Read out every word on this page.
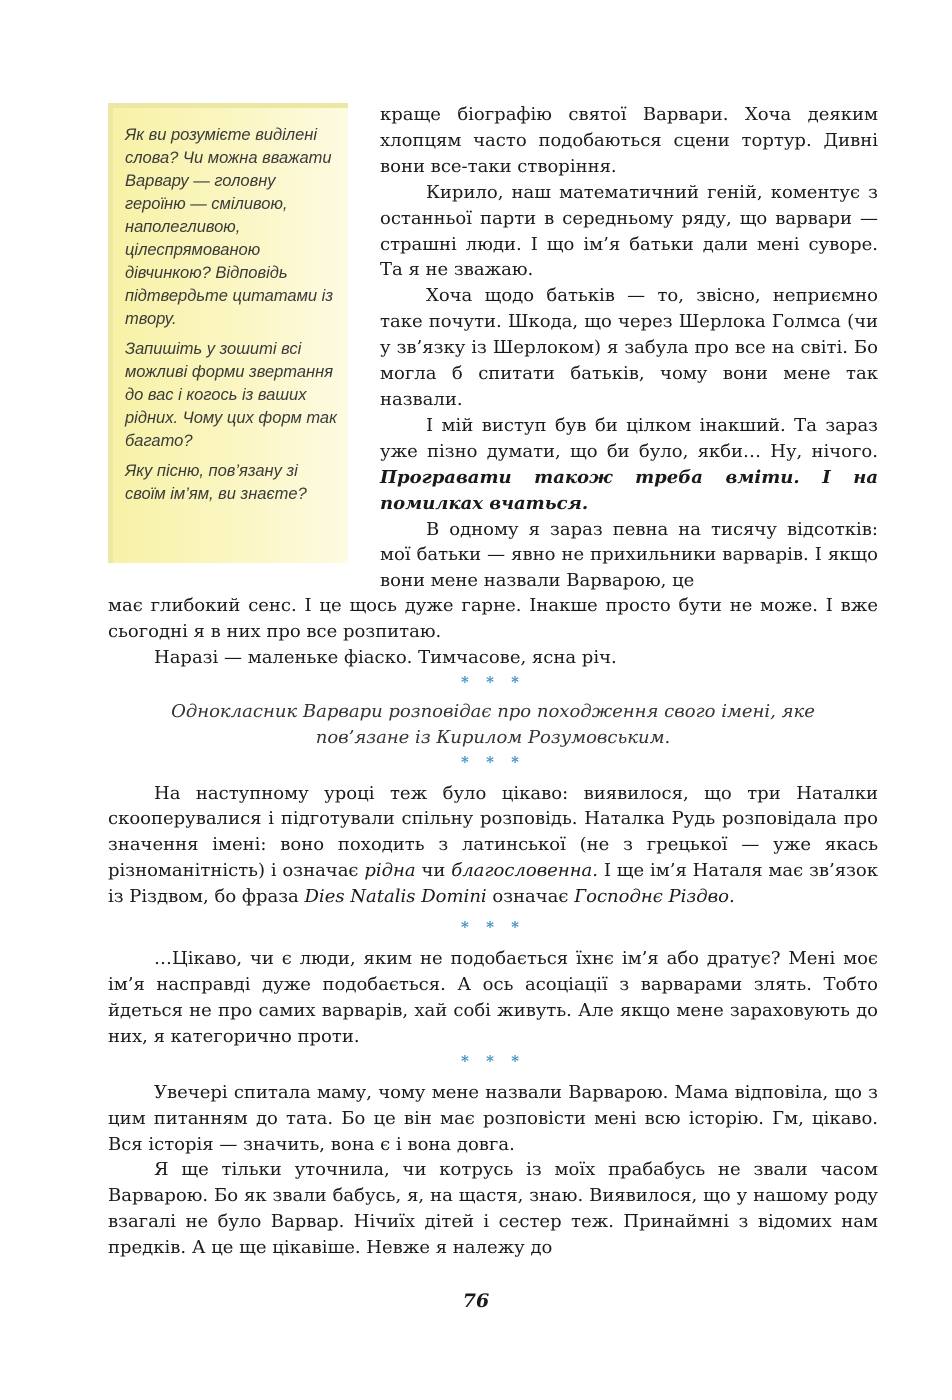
Як ви розумієте виділені слова? Чи можна вважати Варвару — головну героїню — сміливою, наполегливою, цілеспрямованою дівчинкою? Відповідь підтвердьте цитатами із твору.

Запишіть у зошиті всі можливі форми звертання до вас і когось із ваших рідних. Чому цих форм так багато?

Яку пісню, пов’язану зі своїм ім’ям, ви знаєте?

краще біографію святої Варвари. Хоча деяким хлопцям часто подобаються сцени тортур. Дивні вони все-таки створіння.

Кирило, наш математичний геній, коментує з останньої парти в середньому ряду, що варвари — страшні люди. І що ім’я батьки дали мені суворе. Та я не зважаю.

Хоча щодо батьків — то, звісно, неприємно таке почути. Шкода, що через Шерлока Голмса (чи у зв’язку із Шерлоком) я забула про все на світі. Бо могла б спитати батьків, чому вони мене так назвали.

І мій виступ був би цілком інакший. Та зараз уже пізно думати, що би було, якби… Ну, нічого. Програвати також треба вміти. І на помилках вчаться.

В одному я зараз певна на тисячу відсотків: мої батьки — явно не прихильники варварів. І якщо вони мене назвали Варварою, це

має глибокий сенс. І це щось дуже гарне. Інакше просто бути не може. І вже сьогодні я в них про все розпитаю.

Наразі — маленьке фіаско. Тимчасове, ясна річ.

* * *

Однокласник Варвари розповідає про походження свого імені, яке пов’язане із Кирилом Розумовським.

* * *

На наступному уроці теж було цікаво: виявилося, що три Наталки скооперувалися і підготували спільну розповідь. Наталка Рудь розповідала про значення імені: воно походить з латинської (не з грецької — уже якась різноманітність) і означає рідна чи благословенна. І ще ім’я Наталя має зв’язок із Різдвом, бо фраза Dies Natalis Domini означає Господнє Різдво.

* * *

…Цікаво, чи є люди, яким не подобається їхнє ім’я або дратує? Мені моє ім’я насправді дуже подобається. А ось асоціації з варварами злять. Тобто йдеться не про самих варварів, хай собі живуть. Але якщо мене зараховують до них, я категорично проти.

* * *

Увечері спитала маму, чому мене назвали Варварою. Мама відповіла, що з цим питанням до тата. Бо це він має розповісти мені всю історію. Гм, цікаво. Вся історія — значить, вона є і вона довга.

Я ще тільки уточнила, чи котрусь із моїх прабабусь не звали часом Варварою. Бо як звали бабусь, я, на щастя, знаю. Виявилося, що у нашому роду взагалі не було Варвар. Нічиїх дітей і сестер теж. Принаймні з відомих нам предків. А це ще цікавіше. Невже я належу до

76
